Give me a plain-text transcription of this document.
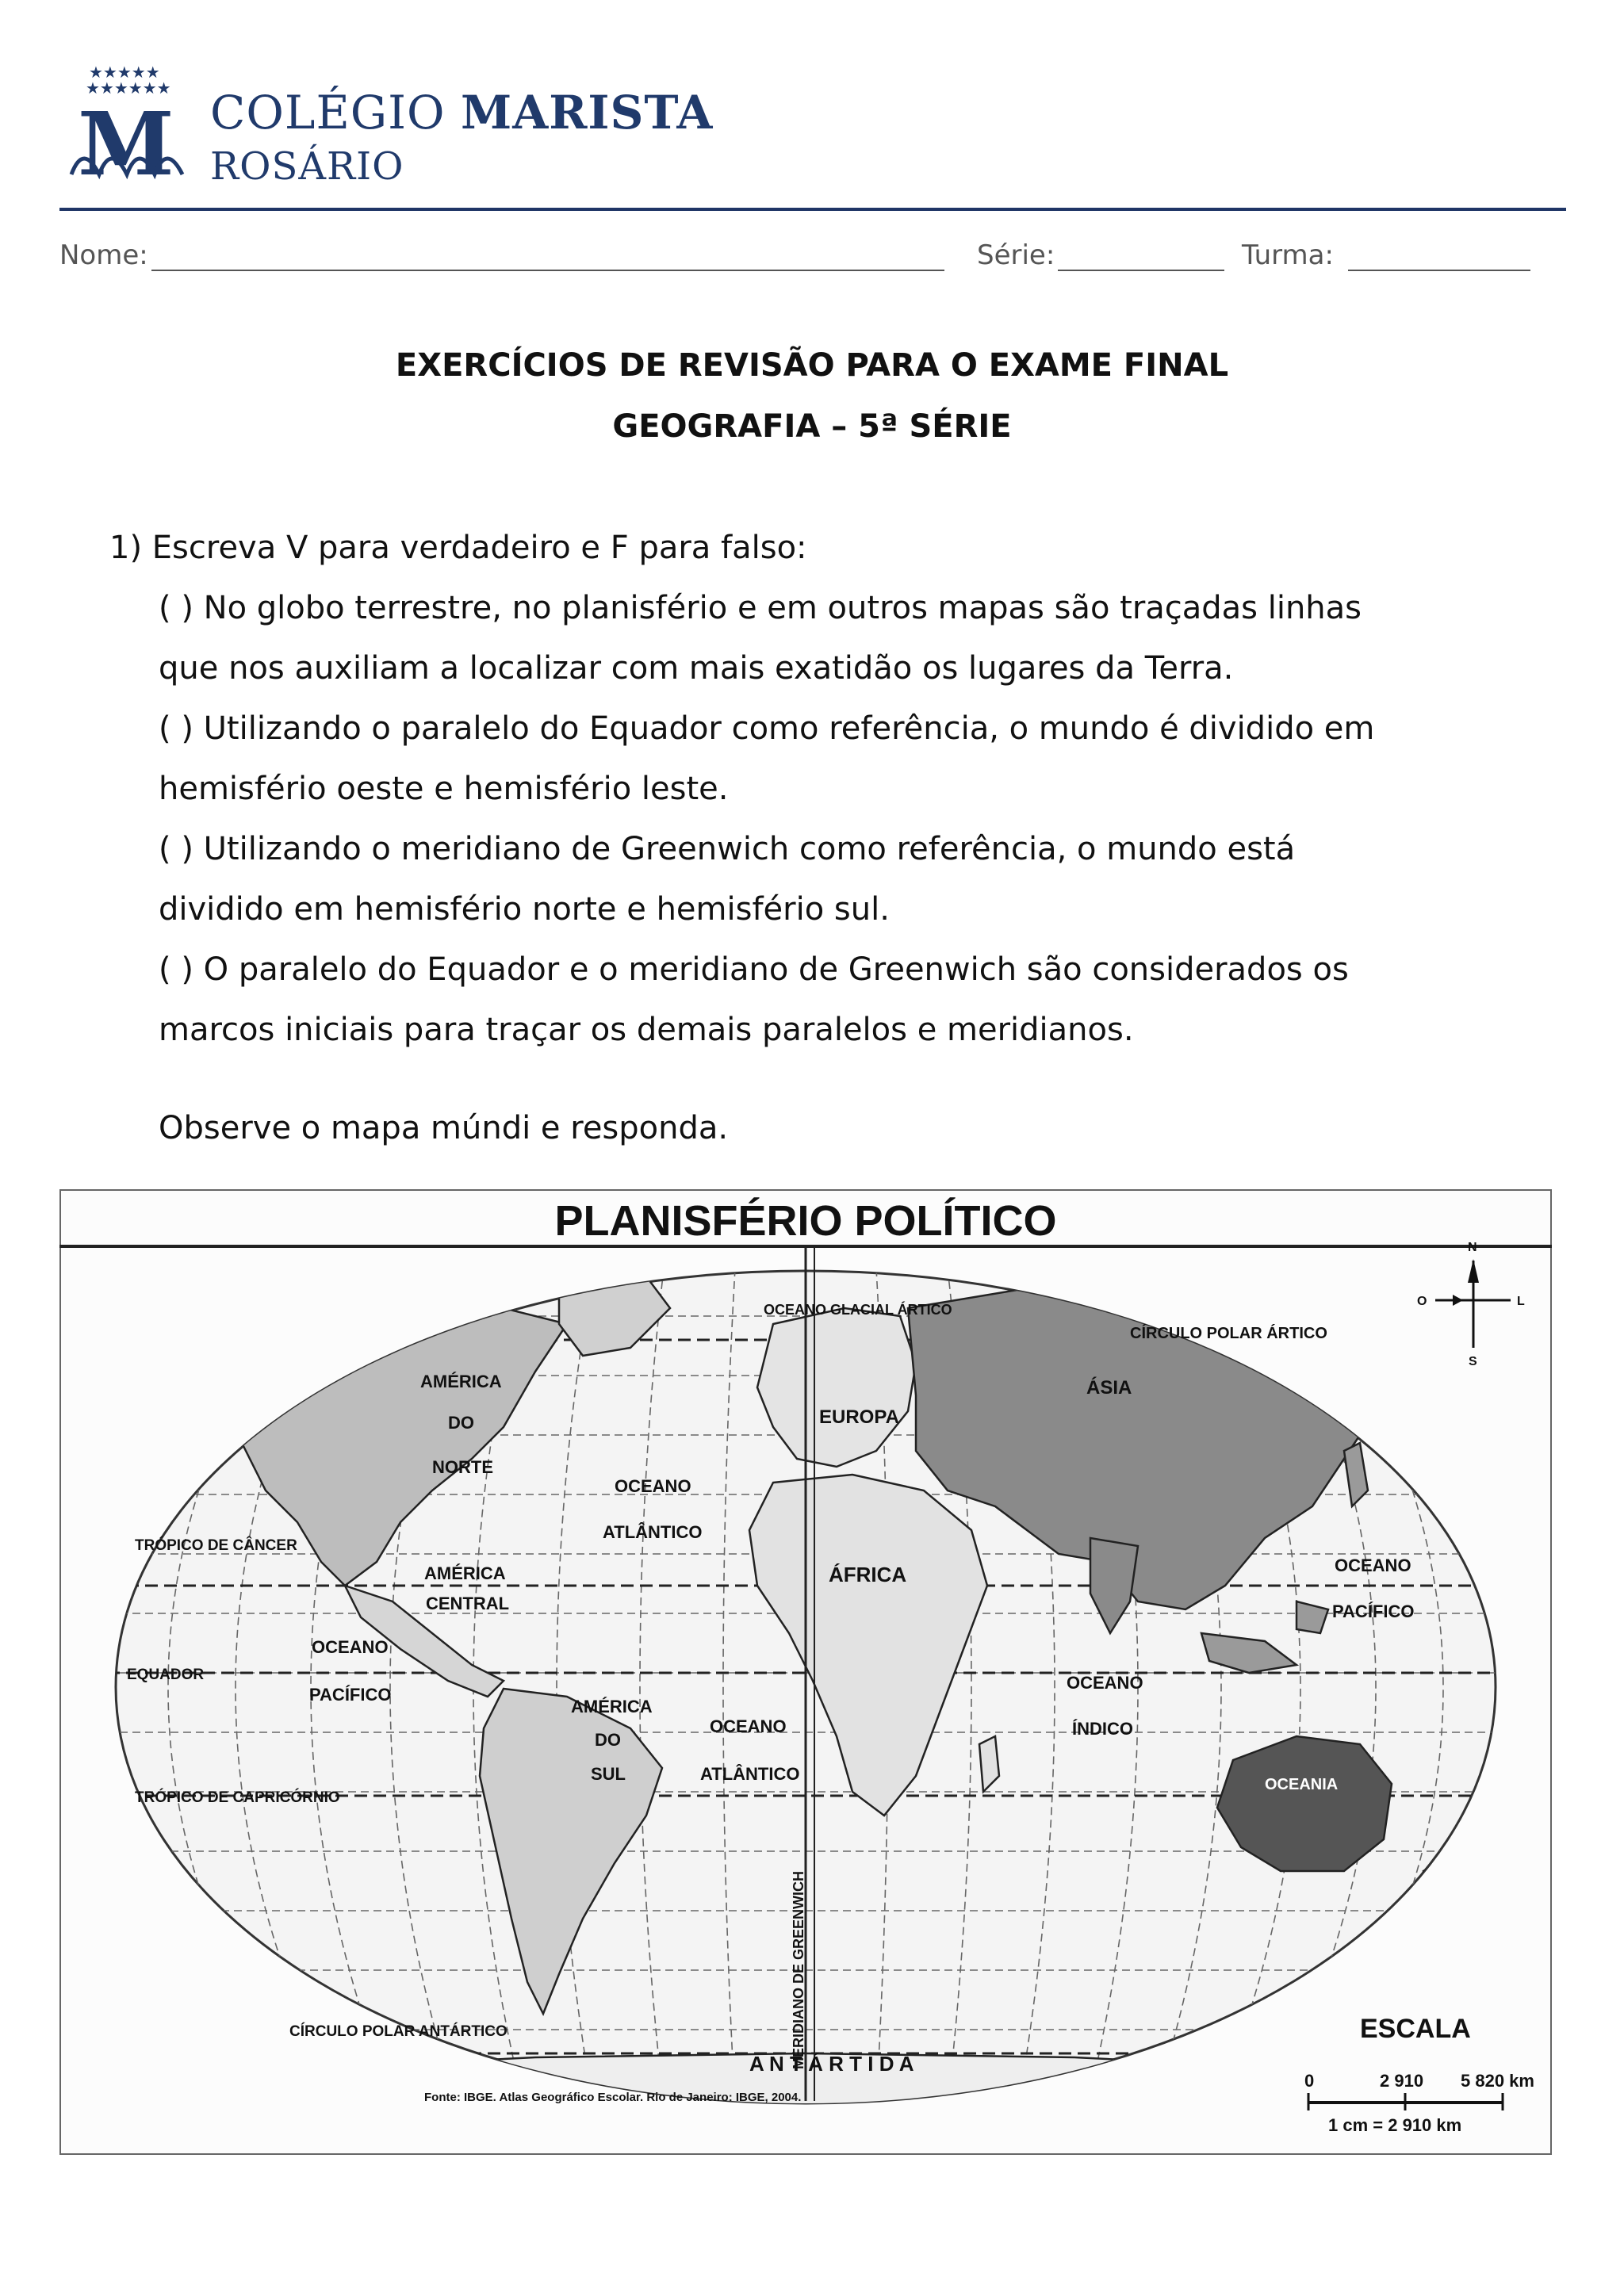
★★★★★
★★★★★★
M COLÉGIO MARISTA
ROSÁRIO
Nome:	Série:	Turma:
EXERCÍCIOS DE REVISÃO PARA O EXAME FINAL
GEOGRAFIA – 5ª SÉRIE
1) Escreva V para verdadeiro e F para falso:
( ) No globo terrestre, no planisfério e em outros mapas são traçadas linhas
que nos auxiliam a localizar com mais exatidão os lugares da Terra.
( ) Utilizando o paralelo do Equador como referência, o mundo é dividido em
hemisfério oeste e hemisfério leste.
( ) Utilizando o meridiano de Greenwich como referência, o mundo está
dividido em hemisfério norte e hemisfério sul.
( ) O paralelo do Equador e o meridiano de Greenwich são considerados os
marcos iniciais para traçar os demais paralelos e meridianos.
Observe o mapa múndi e responda.
PLANISFÉRIO POLÍTICO
OCEANO GLACIAL ÁRTICO
CÍRCULO POLAR ÁRTICO
AMÉRICA
DO
NORTE
EUROPA
ÁSIA
OCEANO
ATLÂNTICO
TRÓPICO DE CÂNCER
AMÉRICA
CENTRAL
ÁFRICA	OCEANO
PACÍFICO
EQUADOR
OCEANO
PACÍFICO
OCEANO
ÍNDICO
AMÉRICA
DO
SUL
OCEANO
ATLÂNTICO
TRÓPICO DE CAPRICÓRNIO
OCEANIA
MERIDIANO DE GREENWICH
CÍRCULO POLAR ANTÁRTICO
A N T Á R T I D A
Fonte: IBGE. Atlas Geográfico Escolar. Rio de Janeiro: IBGE, 2004.
N
S
O	L
ESCALA
0	2 910 5 820 km
1 cm = 2 910 km
